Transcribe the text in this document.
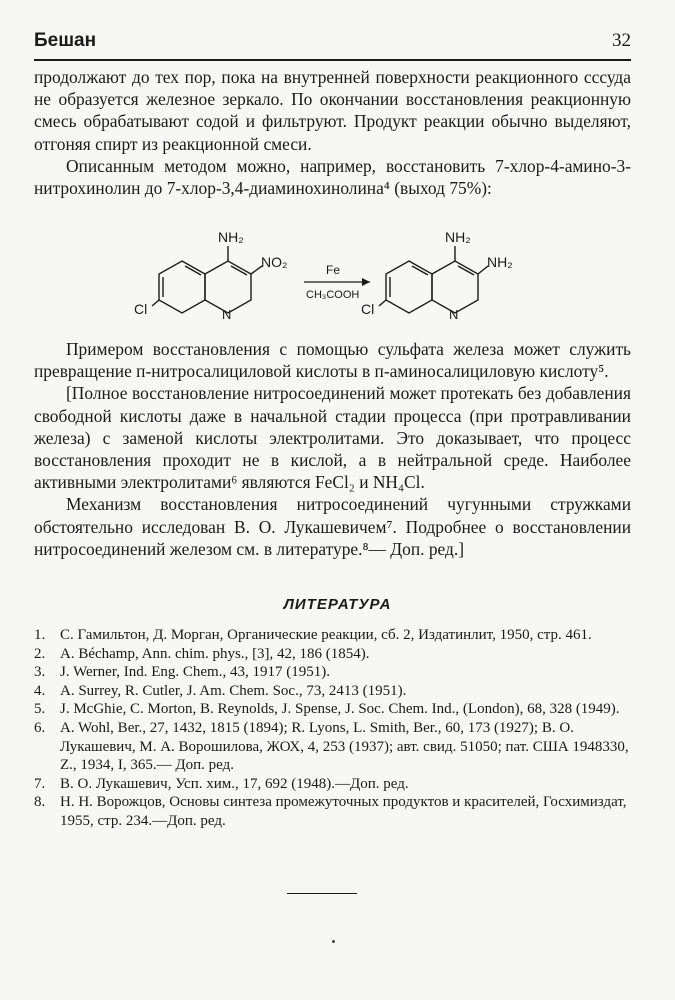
Бешан	32

продолжают до тех пор, пока на внутренней поверхности реакционного сссуда не образуется железное зеркало. По окончании восстановления реакционную смесь обрабатывают содой и фильтруют. Продукт реакции обычно выделяют, отгоняя спирт из реакционной смеси.

Описанным методом можно, например, восстановить 7-хлор-4-амино-3-нитрохинолин до 7-хлор-3,4-диаминохинолина⁴ (выход 75%):

NH₂
NO₂
Cl	N
Fe
CH₃COOH
NH₂
NH₂
Cl	N

Примером восстановления с помощью сульфата железа может служить превращение п-нитросалициловой кислоты в п-аминосалициловую кислоту⁵.

[Полное восстановление нитросоединений может протекать без добавления свободной кислоты даже в начальной стадии процесса (при протравливании железа) с заменой кислоты электролитами. Это доказывает, что процесс восстановления проходит не в кислой, а в нейтральной среде. Наиболее активными электролитами⁶ являются FeCl₂ и NH₄Cl.

Механизм восстановления нитросоединений чугунными стружками обстоятельно исследован В. О. Лукашевичем⁷. Подробнее о восстановлении нитросоединений железом см. в литературе.⁸— Доп. ред.]

ЛИТЕРАТУРА
1. С. Гамильтон, Д. Морган, Органические реакции, сб. 2, Издатинлит, 1950, стр. 461.
2. A. Béchamp, Ann. chim. phys., [3], 42, 186 (1854).
3. J. Werner, Ind. Eng. Chem., 43, 1917 (1951).
4. A. Surrey, R. Cutler, J. Am. Chem. Soc., 73, 2413 (1951).
5. J. McGhie, C. Morton, B. Reynolds, J. Spense, J. Soc. Chem. Ind., (London), 68, 328 (1949).
6. A. Wohl, Ber., 27, 1432, 1815 (1894); R. Lyons, L. Smith, Ber., 60, 173 (1927); В. О. Лукашевич, М. А. Ворошилова, ЖОХ, 4, 253 (1937); авт. свид. 51050; пат. США 1948330, Z., 1934, I, 365.— Доп. ред.
7. В. О. Лукашевич, Усп. хим., 17, 692 (1948).—Доп. ред.
8. Н. Н. Ворожцов, Основы синтеза промежуточных продуктов и красителей, Госхимиздат, 1955, стр. 234.—Доп. ред.
